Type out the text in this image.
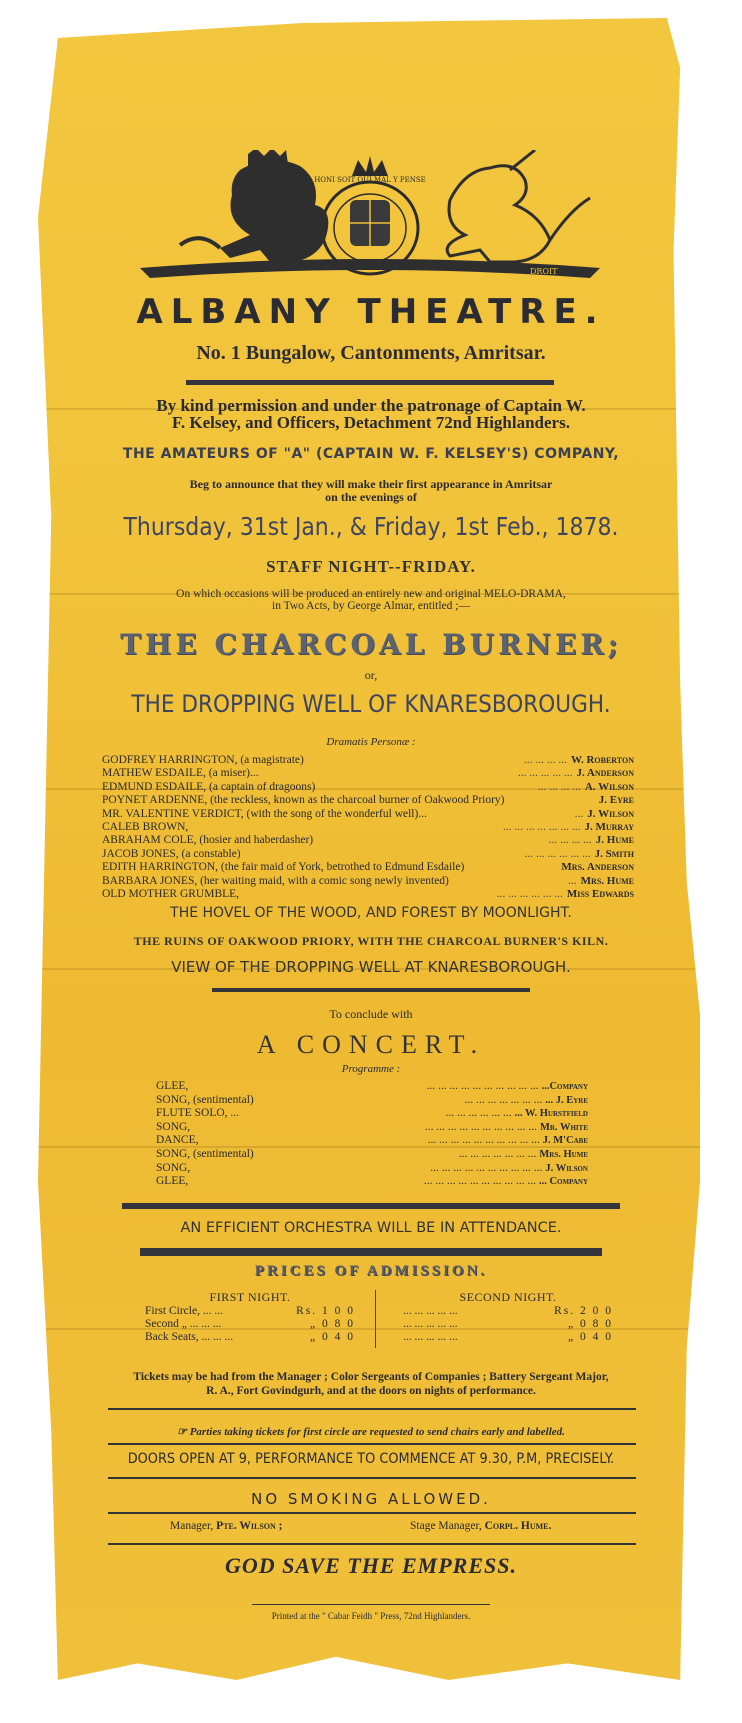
DROIT
HONI SOIT QUI MAL Y PENSE
ALBANY THEATRE.
No. 1 Bungalow, Cantonments, Amritsar.
By kind permission and under the patronage of Captain W.
F. Kelsey, and Officers, Detachment 72nd Highlanders.
THE AMATEURS OF "A" (CAPTAIN W. F. KELSEY'S) COMPANY,
Beg to announce that they will make their first appearance in Amritsar
on the evenings of
Thursday, 31st Jan., & Friday, 1st Feb., 1878.
STAFF NIGHT--FRIDAY.
On which occasions will be produced an entirely new and original MELO-DRAMA,
in Two Acts, by George Almar, entitled ;—
THE CHARCOAL BURNER;
or,
THE DROPPING WELL OF KNARESBOROUGH.
Dramatis Personæ :
GODFREY HARRINGTON, (a magistrate)	... ... ... ... W. Roberton
MATHEW ESDAILE, (a miser)...	... ... ... ... ... J. Anderson
EDMUND ESDAILE, (a captain of dragoons)	... ... ... ... A. Wilson
POYNET ARDENNE, (the reckless, known as the charcoal burner of Oakwood Priory)	J. Eyre
MR. VALENTINE VERDICT, (with the song of the wonderful well)...	... J. Wilson
CALEB BROWN,	... ... ... ... ... ... ... J. Murray
ABRAHAM COLE, (hosier and haberdasher)	... ... ... ... J. Hume
JACOB JONES, (a constable)	... ... ... ... ... ... J. Smith
EDITH HARRINGTON, (the fair maid of York, betrothed to Edmund Esdaile)	Mrs. Anderson
BARBARA JONES, (her waiting maid, with a comic song newly invented)	... Mrs. Hume
OLD MOTHER GRUMBLE,	... ... ... ... ... ... Miss Edwards
THE HOVEL OF THE WOOD, AND FOREST BY MOONLIGHT.
THE RUINS OF OAKWOOD PRIORY, WITH THE CHARCOAL BURNER'S KILN.
VIEW OF THE DROPPING WELL AT KNARESBOROUGH.
To conclude with
A CONCERT.
Programme :
GLEE,	... ... ... ... ... ... ... ... ... ... ...Company
SONG, (sentimental)	... ... ... ... ... ... ... ... J. Eyre
FLUTE SOLO, ...	... ... ... ... ... ... ... W. Hurstfield
SONG,	... ... ... ... ... ... ... ... ... ... Mr. White
DANCE,	... ... ... ... ... ... ... ... ... ... J. M'Cabe
SONG, (sentimental)	... ... ... ... ... ... ... Mrs. Hume
SONG,	... ... ... ... ... ... ... ... ... ... J. Wilson
GLEE,	... ... ... ... ... ... ... ... ... ... ... Company
AN EFFICIENT ORCHESTRA WILL BE IN ATTENDANCE.
PRICES OF ADMISSION.
FIRST NIGHT.
First Circle, ... ...	Rs. 1 0 0
Second „ ... ... ...	„ 0 8 0
Back Seats, ... ... ...	„ 0 4 0
SECOND NIGHT.
... ... ... ... ...	Rs. 2 0 0
... ... ... ... ...	„ 0 8 0
... ... ... ... ...	„ 0 4 0
Tickets may be had from the Manager ; Color Sergeants of Companies ; Battery Sergeant Major,
R. A., Fort Govindgurh, and at the doors on nights of performance.
☞ Parties taking tickets for first circle are requested to send chairs early and labelled.
DOORS OPEN AT 9, PERFORMANCE TO COMMENCE AT 9.30, P.M, PRECISELY.
NO SMOKING ALLOWED.
Manager, Pte. Wilson ;	Stage Manager, Corpl. Hume.
GOD SAVE THE EMPRESS.
Printed at the " Cabar Feidh " Press, 72nd Highlanders.
